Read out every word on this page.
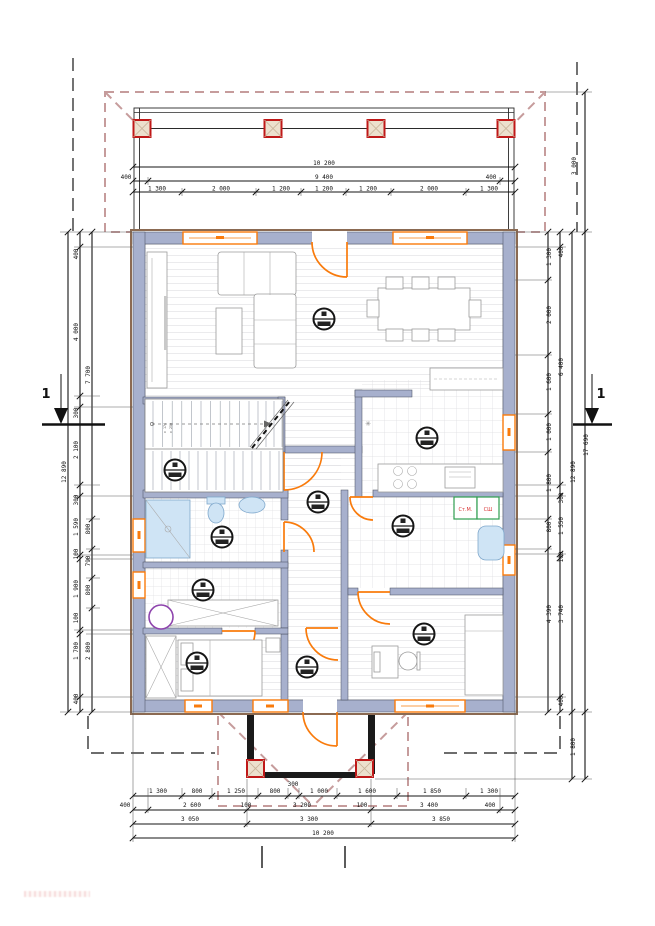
x 174 x 250	✳
Ст.М. СШ
10 200
400	9 400	400
1 300	2 000	1 200	1 200	1 200	2 000	1 300
400
4 000
300
2 100
300
1 590
100
1 900
100
1 700
400
7 700
800
790
800
2 800
12 890
1 300
2 000
1 600
1 000
1 800
800
4 390
400
6 400
300
1 550
100
3 740
400
12 890
17 690
3 000
1 800
1 300	800	1 250	800
300
1 000	1 600	1 850	1 300
400	2 600	100	3 200	100	3 400	400
3 050	3 300	3 850
10 200
1	1
